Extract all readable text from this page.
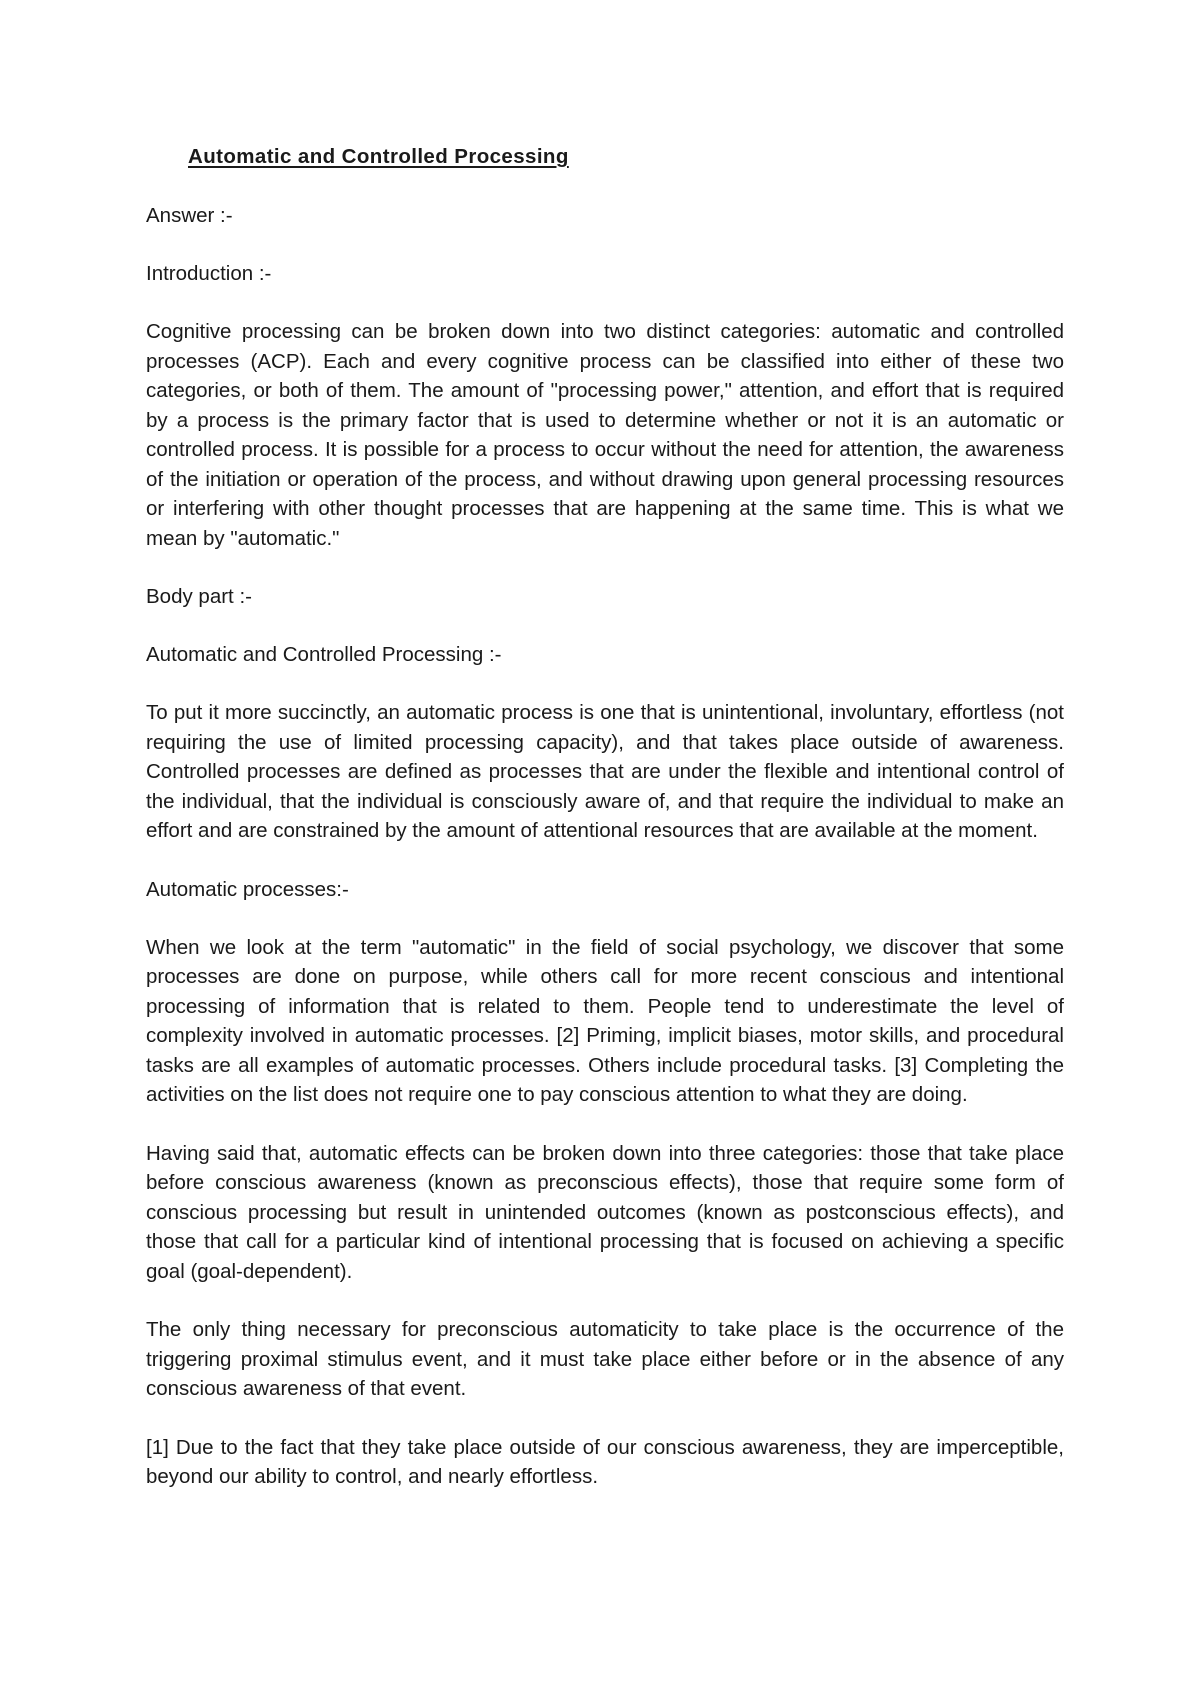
Automatic and Controlled Processing

Answer :-

Introduction :-

Cognitive processing can be broken down into two distinct categories: automatic and controlled processes (ACP). Each and every cognitive process can be classified into either of these two categories, or both of them. The amount of "processing power," attention, and effort that is required by a process is the primary factor that is used to determine whether or not it is an automatic or controlled process. It is possible for a process to occur without the need for attention, the awareness of the initiation or operation of the process, and without drawing upon general processing resources or interfering with other thought processes that are happening at the same time. This is what we mean by "automatic."

Body part :-

Automatic and Controlled Processing :-

To put it more succinctly, an automatic process is one that is unintentional, involuntary, effortless (not requiring the use of limited processing capacity), and that takes place outside of awareness. Controlled processes are defined as processes that are under the flexible and intentional control of the individual, that the individual is consciously aware of, and that require the individual to make an effort and are constrained by the amount of attentional resources that are available at the moment.

Automatic processes:-

When we look at the term "automatic" in the field of social psychology, we discover that some processes are done on purpose, while others call for more recent conscious and intentional processing of information that is related to them. People tend to underestimate the level of complexity involved in automatic processes. [2] Priming, implicit biases, motor skills, and procedural tasks are all examples of automatic processes. Others include procedural tasks. [3] Completing the activities on the list does not require one to pay conscious attention to what they are doing.

Having said that, automatic effects can be broken down into three categories: those that take place before conscious awareness (known as preconscious effects), those that require some form of conscious processing but result in unintended outcomes (known as postconscious effects), and those that call for a particular kind of intentional processing that is focused on achieving a specific goal (goal-dependent).

The only thing necessary for preconscious automaticity to take place is the occurrence of the triggering proximal stimulus event, and it must take place either before or in the absence of any conscious awareness of that event.

[1] Due to the fact that they take place outside of our conscious awareness, they are imperceptible, beyond our ability to control, and nearly effortless.
